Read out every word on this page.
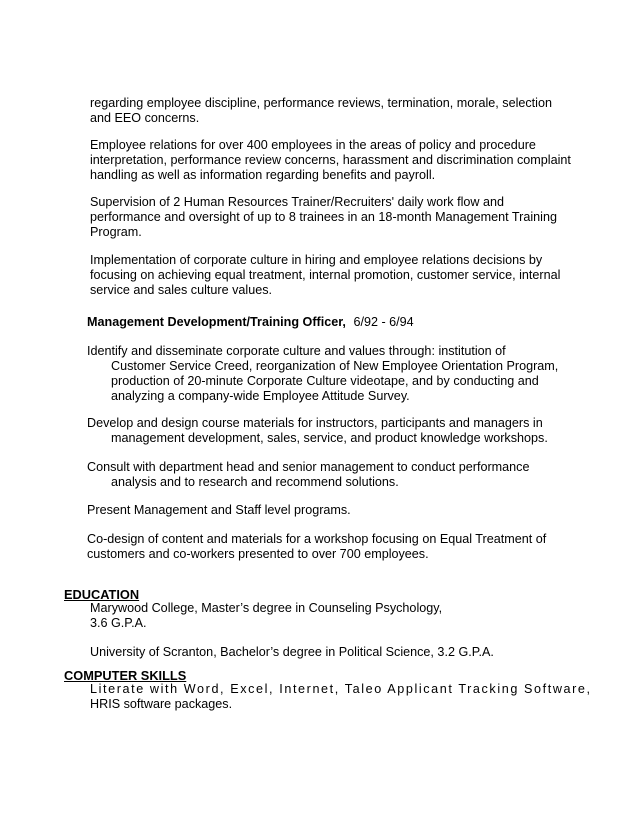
regarding employee discipline, performance reviews, termination, morale, selection
and EEO concerns.
Employee relations for over 400 employees in the areas of policy and procedure
interpretation, performance review concerns, harassment and discrimination complaint
handling as well as information regarding benefits and payroll.
Supervision of 2 Human Resources Trainer/Recruiters' daily work flow and
performance and oversight of up to 8 trainees in an 18-month Management Training
Program.
Implementation of corporate culture in hiring and employee relations decisions by
focusing on achieving equal treatment, internal promotion, customer service, internal
service and sales culture values.
Management Development/Training Officer, 6/92 - 6/94
Identify and disseminate corporate culture and values through: institution of
Customer Service Creed, reorganization of New Employee Orientation Program,
production of 20-minute Corporate Culture videotape, and by conducting and
analyzing a company-wide Employee Attitude Survey.
Develop and design course materials for instructors, participants and managers in
management development, sales, service, and product knowledge workshops.
Consult with department head and senior management to conduct performance
analysis and to research and recommend solutions.
Present Management and Staff level programs.
Co-design of content and materials for a workshop focusing on Equal Treatment of
customers and co-workers presented to over 700 employees.
EDUCATION
Marywood College, Master’s degree in Counseling Psychology,
3.6 G.P.A.
University of Scranton, Bachelor’s degree in Political Science, 3.2 G.P.A.
COMPUTER SKILLS
Literate with Word, Excel, Internet, Taleo Applicant Tracking Software,
HRIS software packages.
